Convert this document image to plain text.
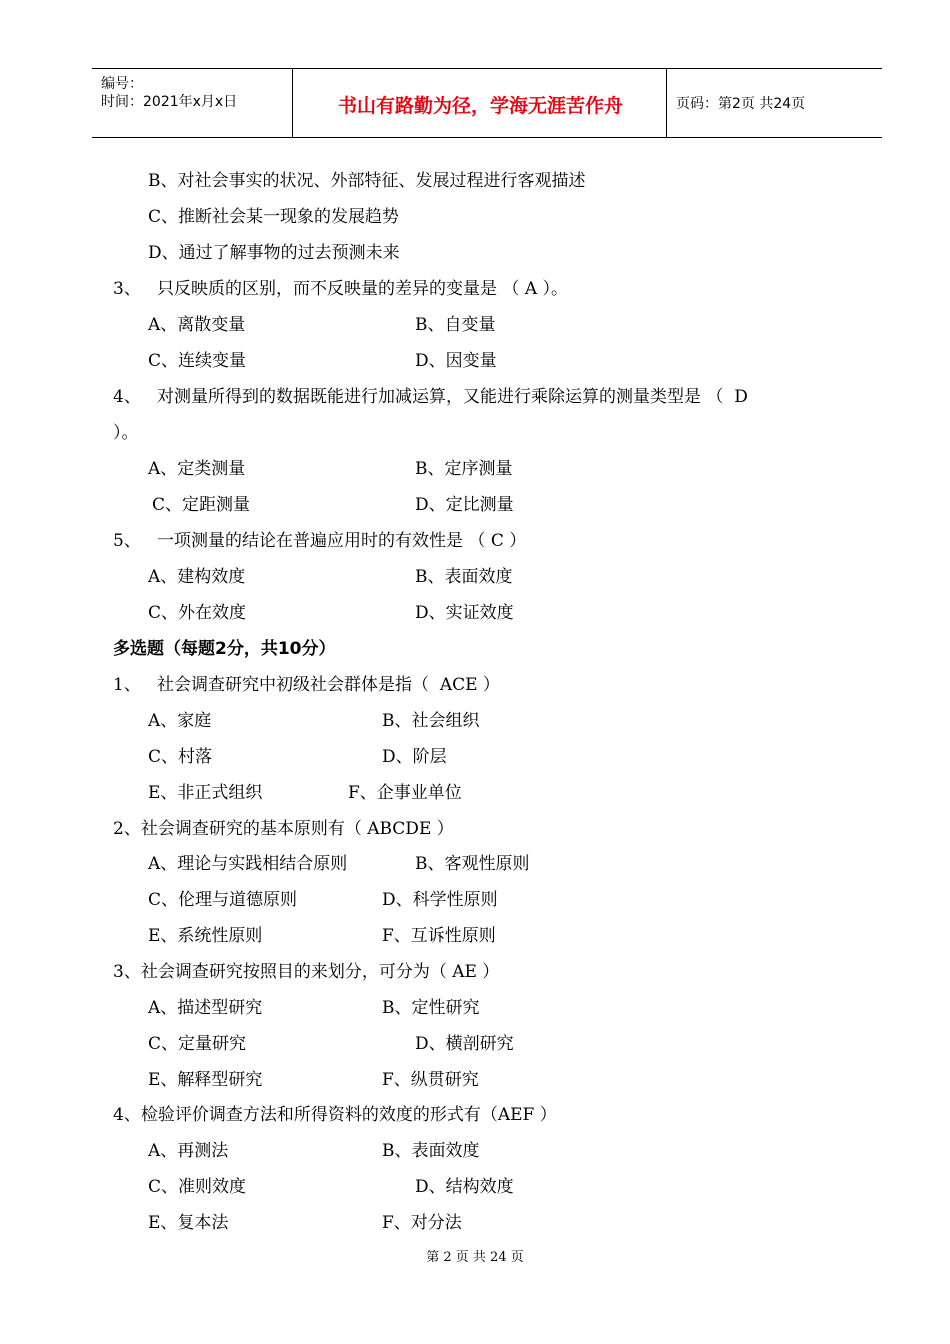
编号：
时间：2021年x月x日	书山有路勤为径，学海无涯苦作舟	页码：第2页 共24页
B、对社会事实的状况、外部特征、发展过程进行客观描述
C、推断社会某一现象的发展趋势
D、通过了解事物的过去预测未来
3、   只反映质的区别，而不反映量的差异的变量是 （ A ）。
A、离散变量	B、自变量
C、连续变量	D、因变量
4、   对测量所得到的数据既能进行加减运算，又能进行乘除运算的测量类型是 （  D
）。
A、定类测量	B、定序测量
C、定距测量	D、定比测量
5、   一项测量的结论在普遍应用时的有效性是 （ C ）
A、建构效度	B、表面效度
C、外在效度	D、实证效度
多选题（每题2分，共10分）
1、   社会调查研究中初级社会群体是指（  ACE ）
A、家庭	B、社会组织
C、村落	D、阶层
E、非正式组织	F、企事业单位
2、社会调查研究的基本原则有（ ABCDE ）
A、理论与实践相结合原则	B、客观性原则
C、伦理与道德原则	D、科学性原则
E、系统性原则	F、互诉性原则
3、社会调查研究按照目的来划分，可分为（ AE ）
A、描述型研究	B、定性研究
C、定量研究	D、横剖研究
E、解释型研究	F、纵贯研究
4、检验评价调查方法和所得资料的效度的形式有（AEF ）
A、再测法	B、表面效度
C、准则效度	D、结构效度
E、复本法	F、对分法
第 2 页 共 24 页
